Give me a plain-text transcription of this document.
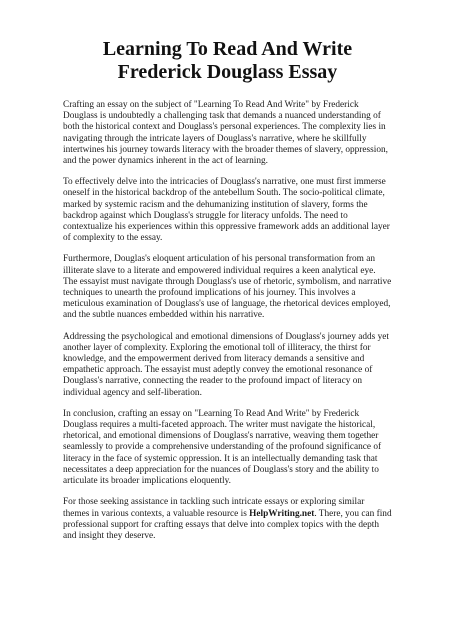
Learning To Read And Write Frederick Douglass Essay

Crafting an essay on the subject of "Learning To Read And Write" by Frederick Douglass is undoubtedly a challenging task that demands a nuanced understanding of both the historical context and Douglass's personal experiences. The complexity lies in navigating through the intricate layers of Douglass's narrative, where he skillfully intertwines his journey towards literacy with the broader themes of slavery, oppression, and the power dynamics inherent in the act of learning.

To effectively delve into the intricacies of Douglass's narrative, one must first immerse oneself in the historical backdrop of the antebellum South. The socio-political climate, marked by systemic racism and the dehumanizing institution of slavery, forms the backdrop against which Douglass's struggle for literacy unfolds. The need to contextualize his experiences within this oppressive framework adds an additional layer of complexity to the essay.

Furthermore, Douglas's eloquent articulation of his personal transformation from an illiterate slave to a literate and empowered individual requires a keen analytical eye. The essayist must navigate through Douglass's use of rhetoric, symbolism, and narrative techniques to unearth the profound implications of his journey. This involves a meticulous examination of Douglass's use of language, the rhetorical devices employed, and the subtle nuances embedded within his narrative.

Addressing the psychological and emotional dimensions of Douglass's journey adds yet another layer of complexity. Exploring the emotional toll of illiteracy, the thirst for knowledge, and the empowerment derived from literacy demands a sensitive and empathetic approach. The essayist must adeptly convey the emotional resonance of Douglass's narrative, connecting the reader to the profound impact of literacy on individual agency and self-liberation.

In conclusion, crafting an essay on "Learning To Read And Write" by Frederick Douglass requires a multi-faceted approach. The writer must navigate the historical, rhetorical, and emotional dimensions of Douglass's narrative, weaving them together seamlessly to provide a comprehensive understanding of the profound significance of literacy in the face of systemic oppression. It is an intellectually demanding task that necessitates a deep appreciation for the nuances of Douglass's story and the ability to articulate its broader implications eloquently.

For those seeking assistance in tackling such intricate essays or exploring similar themes in various contexts, a valuable resource is HelpWriting.net. There, you can find professional support for crafting essays that delve into complex topics with the depth and insight they deserve.
